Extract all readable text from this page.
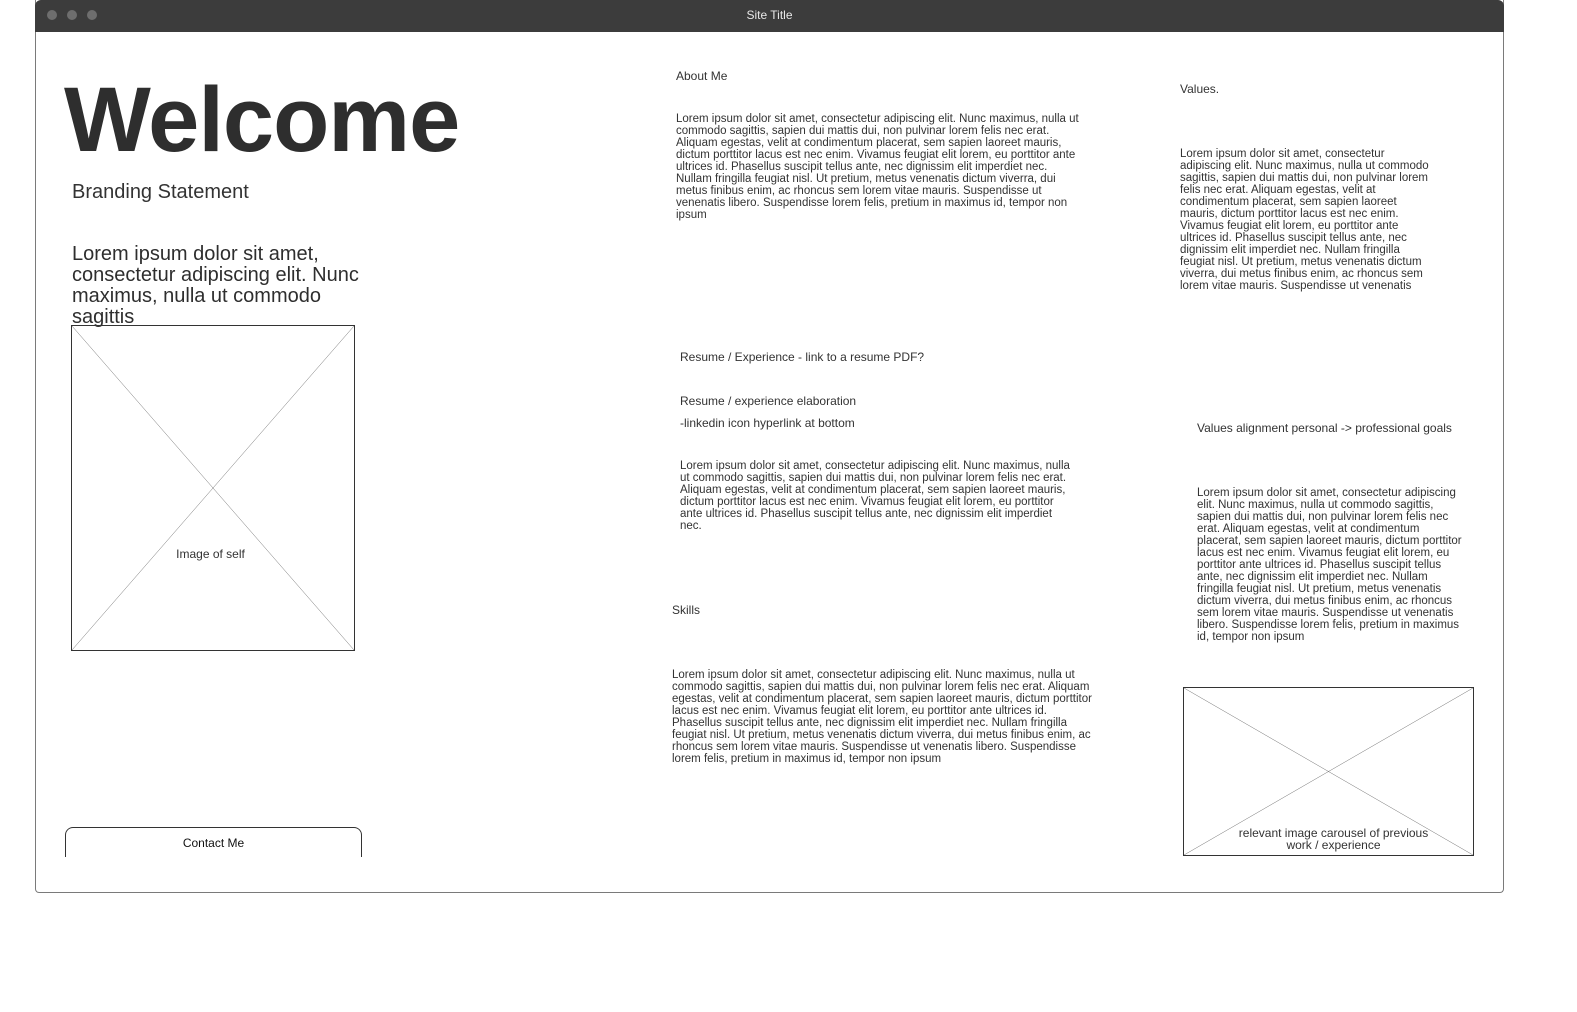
Site Title
Welcome
Branding Statement
Lorem ipsum dolor sit amet, consectetur adipiscing elit. Nunc maximus, nulla ut commodo sagittis
Image of self
Contact Me
About Me
Lorem ipsum dolor sit amet, consectetur adipiscing elit. Nunc maximus, nulla ut commodo sagittis, sapien dui mattis dui, non pulvinar lorem felis nec erat. Aliquam egestas, velit at condimentum placerat, sem sapien laoreet mauris, dictum porttitor lacus est nec enim. Vivamus feugiat elit lorem, eu porttitor ante ultrices id. Phasellus suscipit tellus ante, nec dignissim elit imperdiet nec. Nullam fringilla feugiat nisl. Ut pretium, metus venenatis dictum viverra, dui metus finibus enim, ac rhoncus sem lorem vitae mauris. Suspendisse ut venenatis libero. Suspendisse lorem felis, pretium in maximus id, tempor non ipsum
Resume / Experience - link to a resume PDF?
Resume / experience elaboration
-linkedin icon hyperlink at bottom
Lorem ipsum dolor sit amet, consectetur adipiscing elit. Nunc maximus, nulla ut commodo sagittis, sapien dui mattis dui, non pulvinar lorem felis nec erat. Aliquam egestas, velit at condimentum placerat, sem sapien laoreet mauris, dictum porttitor lacus est nec enim. Vivamus feugiat elit lorem, eu porttitor ante ultrices id. Phasellus suscipit tellus ante, nec dignissim elit imperdiet nec.
Skills
Lorem ipsum dolor sit amet, consectetur adipiscing elit. Nunc maximus, nulla ut commodo sagittis, sapien dui mattis dui, non pulvinar lorem felis nec erat. Aliquam egestas, velit at condimentum placerat, sem sapien laoreet mauris, dictum porttitor lacus est nec enim. Vivamus feugiat elit lorem, eu porttitor ante ultrices id. Phasellus suscipit tellus ante, nec dignissim elit imperdiet nec. Nullam fringilla feugiat nisl. Ut pretium, metus venenatis dictum viverra, dui metus finibus enim, ac rhoncus sem lorem vitae mauris. Suspendisse ut venenatis libero. Suspendisse lorem felis, pretium in maximus id, tempor non ipsum
Values.
Lorem ipsum dolor sit amet, consectetur adipiscing elit. Nunc maximus, nulla ut commodo sagittis, sapien dui mattis dui, non pulvinar lorem felis nec erat. Aliquam egestas, velit at condimentum placerat, sem sapien laoreet mauris, dictum porttitor lacus est nec enim. Vivamus feugiat elit lorem, eu porttitor ante ultrices id. Phasellus suscipit tellus ante, nec dignissim elit imperdiet nec. Nullam fringilla feugiat nisl. Ut pretium, metus venenatis dictum viverra, dui metus finibus enim, ac rhoncus sem lorem vitae mauris. Suspendisse ut venenatis
Values alignment personal -> professional goals
Lorem ipsum dolor sit amet, consectetur adipiscing elit. Nunc maximus, nulla ut commodo sagittis, sapien dui mattis dui, non pulvinar lorem felis nec erat. Aliquam egestas, velit at condimentum placerat, sem sapien laoreet mauris, dictum porttitor lacus est nec enim. Vivamus feugiat elit lorem, eu porttitor ante ultrices id. Phasellus suscipit tellus ante, nec dignissim elit imperdiet nec. Nullam fringilla feugiat nisl. Ut pretium, metus venenatis dictum viverra, dui metus finibus enim, ac rhoncus sem lorem vitae mauris. Suspendisse ut venenatis libero. Suspendisse lorem felis, pretium in maximus id, tempor non ipsum
relevant image carousel of previous work / experience
